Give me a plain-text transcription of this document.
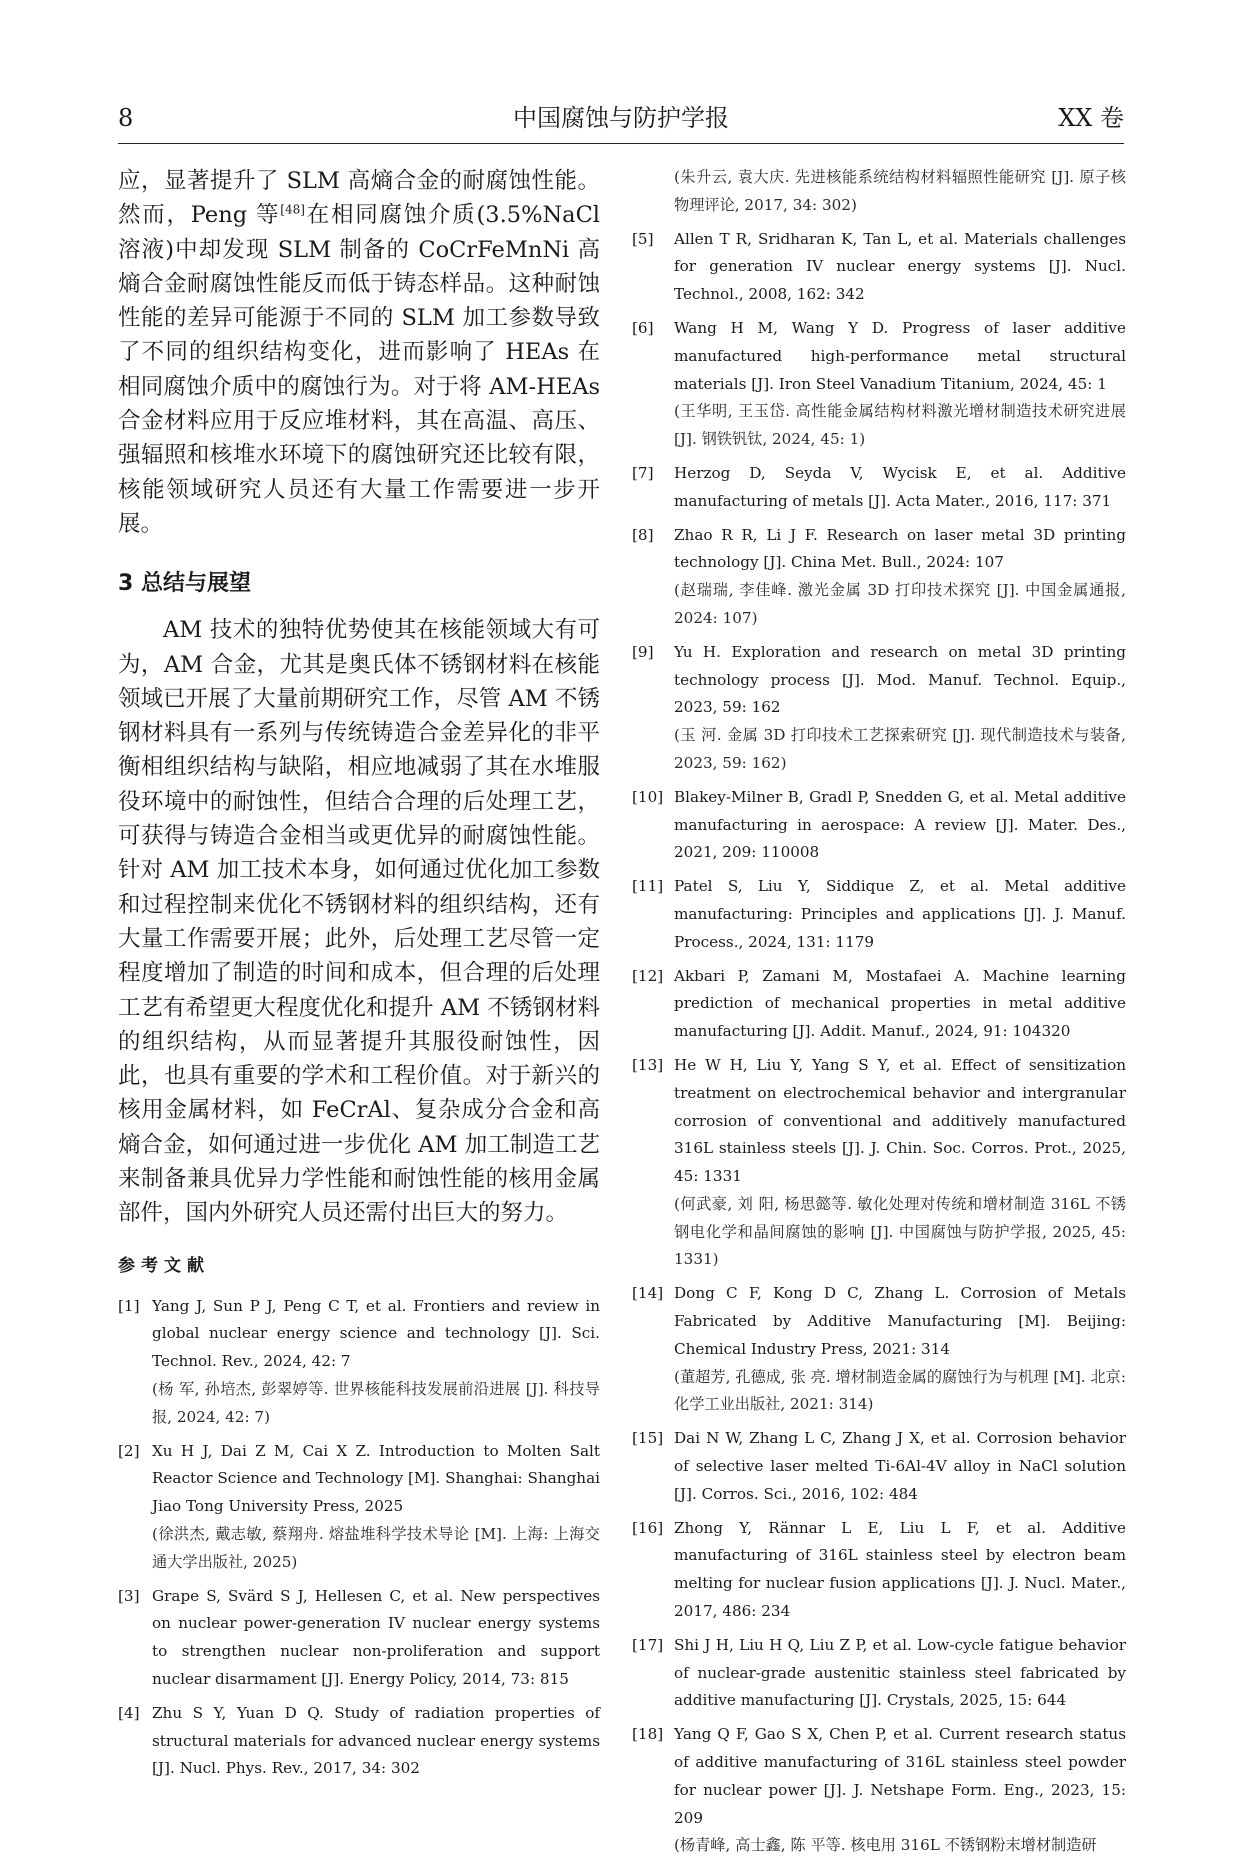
8	中国腐蚀与防护学报	XX 卷

应，显著提升了 SLM 高熵合金的耐腐蚀性能。然而，Peng 等[48]在相同腐蚀介质(3.5%NaCl 溶液)中却发现 SLM 制备的 CoCrFeMnNi 高熵合金耐腐蚀性能反而低于铸态样品。这种耐蚀性能的差异可能源于不同的 SLM 加工参数导致了不同的组织结构变化，进而影响了 HEAs 在相同腐蚀介质中的腐蚀行为。对于将 AM-HEAs 合金材料应用于反应堆材料，其在高温、高压、强辐照和核堆水环境下的腐蚀研究还比较有限，核能领域研究人员还有大量工作需要进一步开展。

3 总结与展望

AM 技术的独特优势使其在核能领域大有可为，AM 合金，尤其是奥氏体不锈钢材料在核能领域已开展了大量前期研究工作，尽管 AM 不锈钢材料具有一系列与传统铸造合金差异化的非平衡相组织结构与缺陷，相应地减弱了其在水堆服役环境中的耐蚀性，但结合合理的后处理工艺，可获得与铸造合金相当或更优异的耐腐蚀性能。针对 AM 加工技术本身，如何通过优化加工参数和过程控制来优化不锈钢材料的组织结构，还有大量工作需要开展；此外，后处理工艺尽管一定程度增加了制造的时间和成本，但合理的后处理工艺有希望更大程度优化和提升 AM 不锈钢材料的组织结构，从而显著提升其服役耐蚀性，因此，也具有重要的学术和工程价值。对于新兴的核用金属材料，如 FeCrAl、复杂成分合金和高熵合金，如何通过进一步优化 AM 加工制造工艺来制备兼具优异力学性能和耐蚀性能的核用金属部件，国内外研究人员还需付出巨大的努力。

参考文献
[1] Yang J, Sun P J, Peng C T, et al. Frontiers and review in global nuclear energy science and technology [J]. Sci. Technol. Rev., 2024, 42: 7
(杨 军, 孙培杰, 彭翠婷等. 世界核能科技发展前沿进展 [J]. 科技导报, 2024, 42: 7)
[2] Xu H J, Dai Z M, Cai X Z. Introduction to Molten Salt Reactor Science and Technology [M]. Shanghai: Shanghai Jiao Tong University Press, 2025
(徐洪杰, 戴志敏, 蔡翔舟. 熔盐堆科学技术导论 [M]. 上海: 上海交通大学出版社, 2025)
[3] Grape S, Svärd S J, Hellesen C, et al. New perspectives on nuclear power-generation IV nuclear energy systems to strengthen nuclear non-proliferation and support nuclear disarmament [J]. Energy Policy, 2014, 73: 815
[4] Zhu S Y, Yuan D Q. Study of radiation properties of structural materials for advanced nuclear energy systems [J]. Nucl. Phys. Rev., 2017, 34: 302
(朱升云, 袁大庆. 先进核能系统结构材料辐照性能研究 [J]. 原子核物理评论, 2017, 34: 302)
[5] Allen T R, Sridharan K, Tan L, et al. Materials challenges for generation IV nuclear energy systems [J]. Nucl. Technol., 2008, 162: 342
[6] Wang H M, Wang Y D. Progress of laser additive manufactured high-performance metal structural materials [J]. Iron Steel Vanadium Titanium, 2024, 45: 1
(王华明, 王玉岱. 高性能金属结构材料激光增材制造技术研究进展 [J]. 钢铁钒钛, 2024, 45: 1)
[7] Herzog D, Seyda V, Wycisk E, et al. Additive manufacturing of metals [J]. Acta Mater., 2016, 117: 371
[8] Zhao R R, Li J F. Research on laser metal 3D printing technology [J]. China Met. Bull., 2024: 107
(赵瑞瑞, 李佳峰. 激光金属 3D 打印技术探究 [J]. 中国金属通报, 2024: 107)
[9] Yu H. Exploration and research on metal 3D printing technology process [J]. Mod. Manuf. Technol. Equip., 2023, 59: 162
(玉 河. 金属 3D 打印技术工艺探索研究 [J]. 现代制造技术与装备, 2023, 59: 162)
[10] Blakey-Milner B, Gradl P, Snedden G, et al. Metal additive manufacturing in aerospace: A review [J]. Mater. Des., 2021, 209: 110008
[11] Patel S, Liu Y, Siddique Z, et al. Metal additive manufacturing: Principles and applications [J]. J. Manuf. Process., 2024, 131: 1179
[12] Akbari P, Zamani M, Mostafaei A. Machine learning prediction of mechanical properties in metal additive manufacturing [J]. Addit. Manuf., 2024, 91: 104320
[13] He W H, Liu Y, Yang S Y, et al. Effect of sensitization treatment on electrochemical behavior and intergranular corrosion of conventional and additively manufactured 316L stainless steels [J]. J. Chin. Soc. Corros. Prot., 2025, 45: 1331
(何武豪, 刘 阳, 杨思懿等. 敏化处理对传统和增材制造 316L 不锈钢电化学和晶间腐蚀的影响 [J]. 中国腐蚀与防护学报, 2025, 45: 1331)
[14] Dong C F, Kong D C, Zhang L. Corrosion of Metals Fabricated by Additive Manufacturing [M]. Beijing: Chemical Industry Press, 2021: 314
(董超芳, 孔德成, 张 亮. 增材制造金属的腐蚀行为与机理 [M]. 北京: 化学工业出版社, 2021: 314)
[15] Dai N W, Zhang L C, Zhang J X, et al. Corrosion behavior of selective laser melted Ti-6Al-4V alloy in NaCl solution [J]. Corros. Sci., 2016, 102: 484
[16] Zhong Y, Rännar L E, Liu L F, et al. Additive manufacturing of 316L stainless steel by electron beam melting for nuclear fusion applications [J]. J. Nucl. Mater., 2017, 486: 234
[17] Shi J H, Liu H Q, Liu Z P, et al. Low-cycle fatigue behavior of nuclear-grade austenitic stainless steel fabricated by additive manufacturing [J]. Crystals, 2025, 15: 644
[18] Yang Q F, Gao S X, Chen P, et al. Current research status of additive manufacturing of 316L stainless steel powder for nuclear power [J]. J. Netshape Form. Eng., 2023, 15: 209
(杨青峰, 高士鑫, 陈 平等. 核电用 316L 不锈钢粉末增材制造研
